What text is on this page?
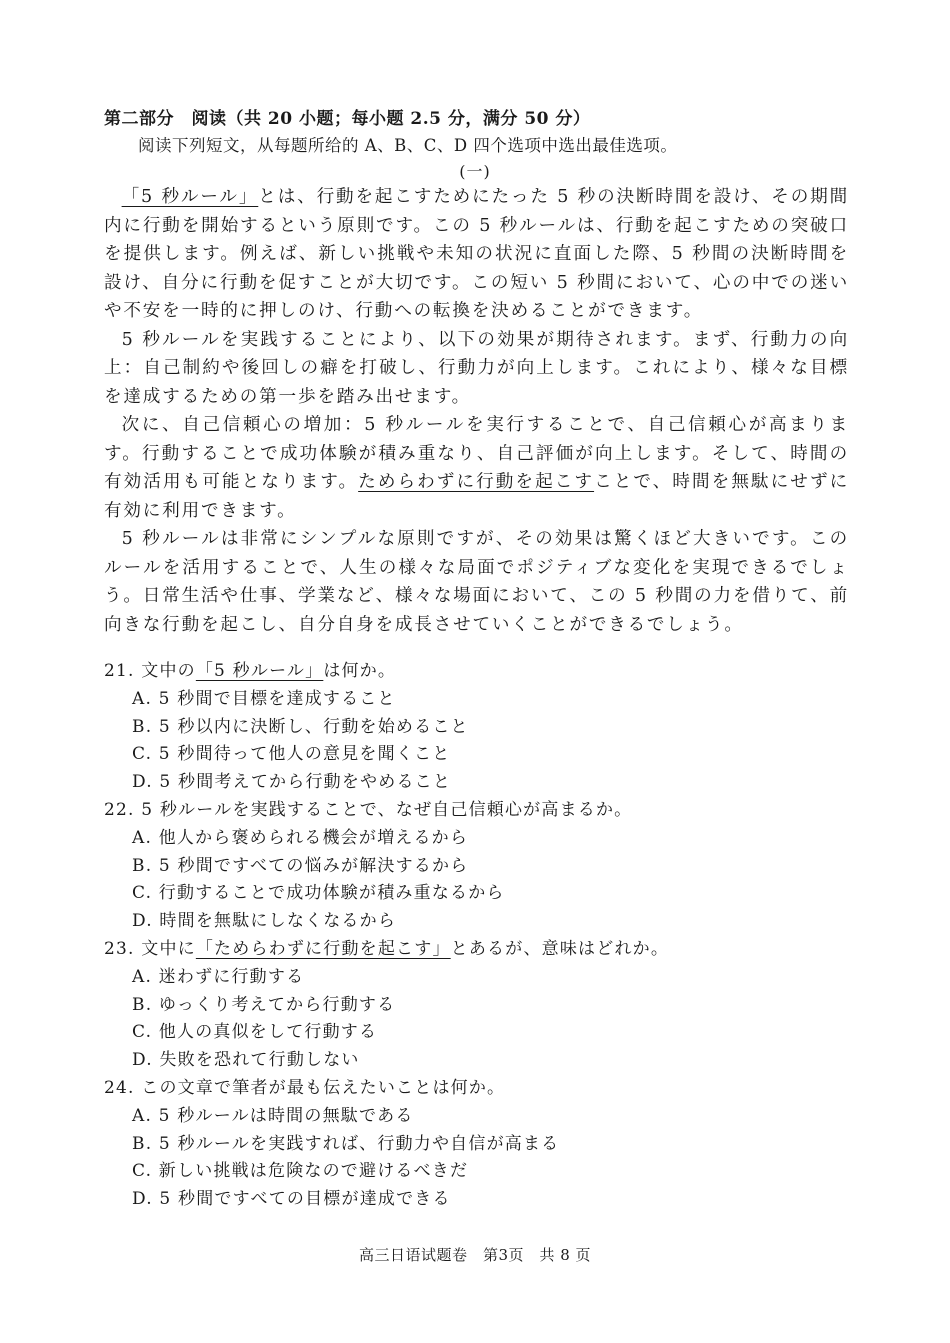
第二部分　阅读（共 20 小题；每小题 2.5 分，满分 50 分）
阅读下列短文，从每题所给的 A、B、C、D 四个选项中选出最佳选项。
(一)

「5 秒ルール」とは、行動を起こすためにたった 5 秒の決断時間を設け、その期間内に行動を開始するという原則です。この 5 秒ルールは、行動を起こすための突破口を提供します。例えば、新しい挑戦や未知の状況に直面した際、5 秒間の決断時間を設け、自分に行動を促すことが大切です。この短い 5 秒間において、心の中での迷いや不安を一時的に押しのけ、行動への転換を決めることができます。

5 秒ルールを実践することにより、以下の効果が期待されます。まず、行動力の向上：自己制約や後回しの癖を打破し、行動力が向上します。これにより、様々な目標を達成するための第一歩を踏み出せます。

次に、自己信頼心の増加：5 秒ルールを実行することで、自己信頼心が高まります。行動することで成功体験が積み重なり、自己評価が向上します。そして、時間の有効活用も可能となります。ためらわずに行動を起こすことで、時間を無駄にせずに有効に利用できます。

5 秒ルールは非常にシンプルな原則ですが、その効果は驚くほど大きいです。このルールを活用することで、人生の様々な局面でポジティブな変化を実現できるでしょう。日常生活や仕事、学業など、様々な場面において、この 5 秒間の力を借りて、前向きな行動を起こし、自分自身を成長させていくことができるでしょう。

21. 文中の「5 秒ルール」は何か。
A. 5 秒間で目標を達成すること
B. 5 秒以内に決断し、行動を始めること
C. 5 秒間待って他人の意見を聞くこと
D. 5 秒間考えてから行動をやめること
22. 5 秒ルールを実践することで、なぜ自己信頼心が高まるか。
A. 他人から褒められる機会が増えるから
B. 5 秒間ですべての悩みが解決するから
C. 行動することで成功体験が積み重なるから
D. 時間を無駄にしなくなるから
23. 文中に「ためらわずに行動を起こす」とあるが、意味はどれか。
A. 迷わずに行動する
B. ゆっくり考えてから行動する
C. 他人の真似をして行動する
D. 失敗を恐れて行動しない
24. この文章で筆者が最も伝えたいことは何か。
A. 5 秒ルールは時間の無駄である
B. 5 秒ルールを実践すれば、行動力や自信が高まる
C. 新しい挑戦は危険なので避けるべきだ
D. 5 秒間ですべての目標が達成できる
高三日语试题卷　第3页　共 8 页
